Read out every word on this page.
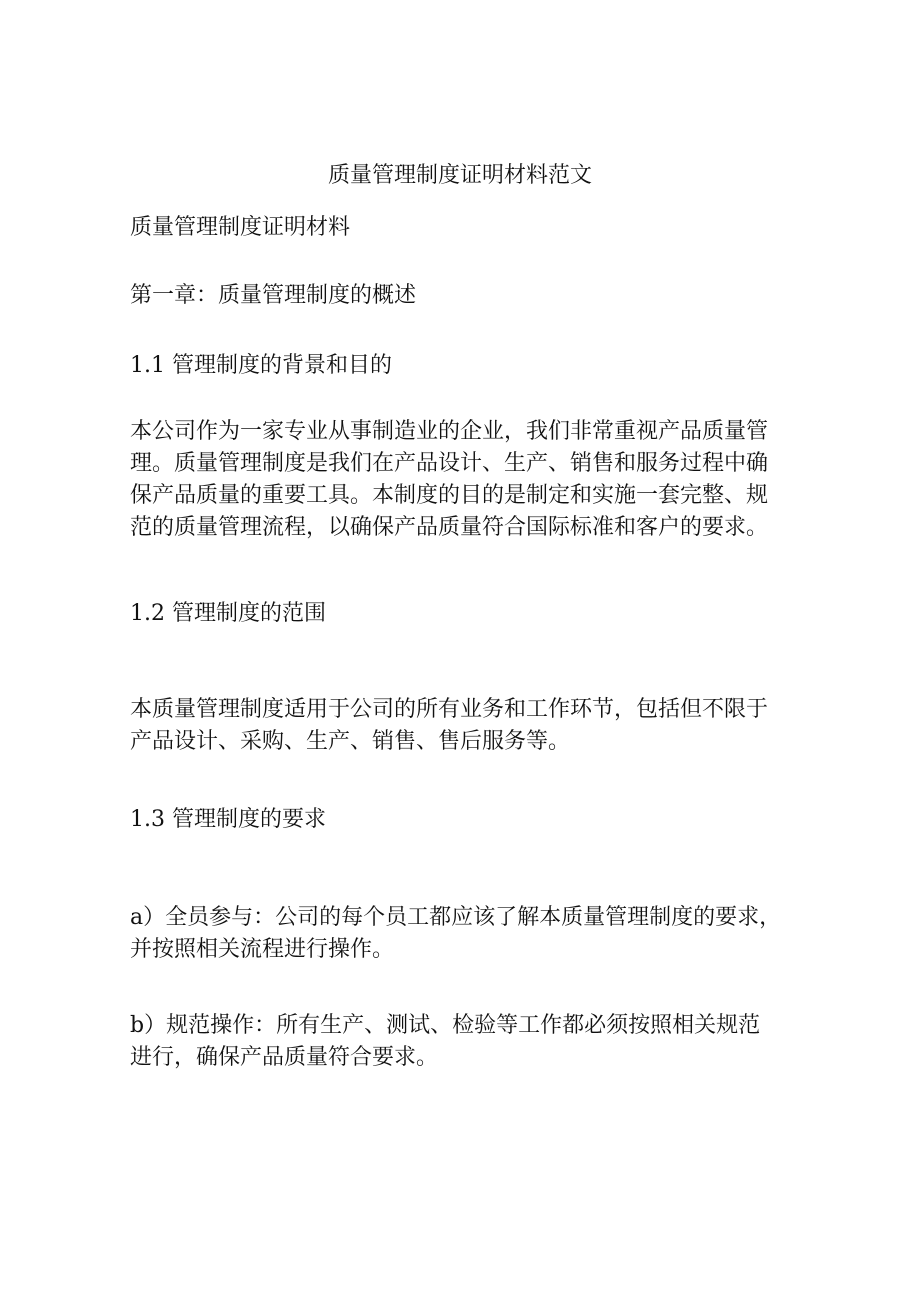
质量管理制度证明材料范文
质量管理制度证明材料
第一章：质量管理制度的概述
1.1 管理制度的背景和目的
本公司作为一家专业从事制造业的企业，我们非常重视产品质量管
理。质量管理制度是我们在产品设计、生产、销售和服务过程中确
保产品质量的重要工具。本制度的目的是制定和实施一套完整、规
范的质量管理流程，以确保产品质量符合国际标准和客户的要求。
1.2 管理制度的范围
本质量管理制度适用于公司的所有业务和工作环节，包括但不限于
产品设计、采购、生产、销售、售后服务等。
1.3 管理制度的要求
a）全员参与：公司的每个员工都应该了解本质量管理制度的要求，
并按照相关流程进行操作。
b）规范操作：所有生产、测试、检验等工作都必须按照相关规范
进行，确保产品质量符合要求。
